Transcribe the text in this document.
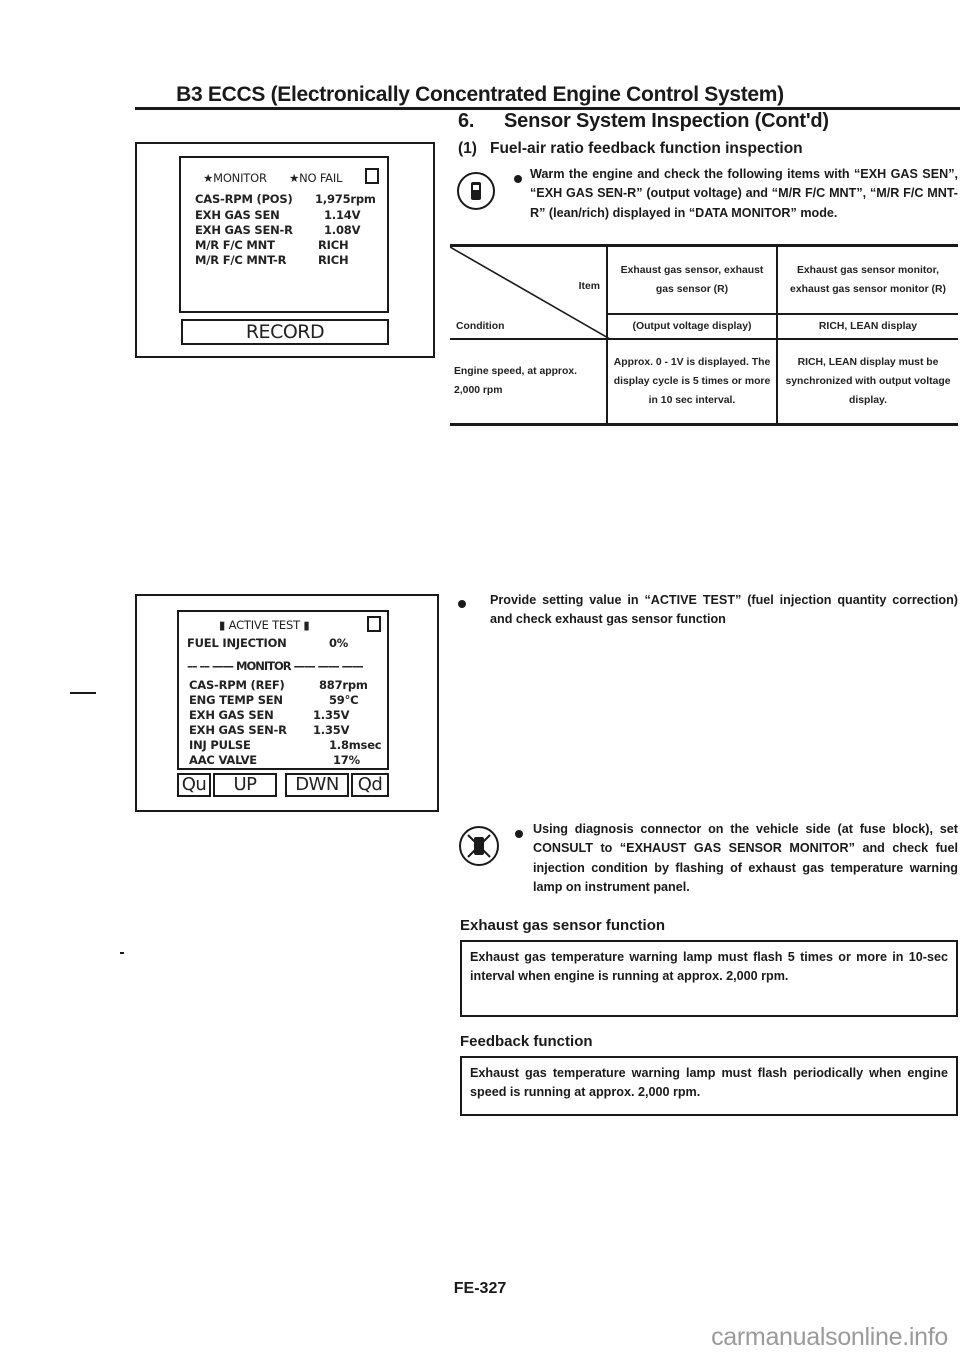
B3 ECCS (Electronically Concentrated Engine Control System)
6. Sensor System Inspection (Cont'd)
(1) Fuel-air ratio feedback function inspection
★MONITOR ★NO FAIL
CAS-RPM (POS) 1,975rpm
EXH GAS SEN	1.14V
EXH GAS SEN-R	1.08V
M/R F/C MNT	RICH
M/R F/C MNT-R	RICH
RECORD
Warm the engine and check the following items with “EXH GAS SEN”, “EXH GAS SEN-R” (output voltage) and “M/R F/C MNT”, “M/R F/C MNT-R” (lean/rich) displayed in “DATA MONITOR” mode.
Item
Condition	Exhaust gas sensor, exhaust gas sensor (R)	Exhaust gas sensor monitor, exhaust gas sensor monitor (R)
	(Output voltage display)	RICH, LEAN display
Engine speed, at approx. 2,000 rpm	Approx. 0 - 1V is displayed. The display cycle is 5 times or more in 10 sec interval.	RICH, LEAN display must be synchronized with output voltage display.
▮ ACTIVE TEST ▮
FUEL INJECTION	0%
–– –– —— MONITOR —— —— ——
CAS-RPM (REF)	887rpm
ENG TEMP SEN	59°C
EXH GAS SEN	1.35V
EXH GAS SEN-R 1.35V
INJ PULSE	1.8msec
AAC VALVE	17%
Qu	UP	DWN	Qd
Provide setting value in “ACTIVE TEST” (fuel injection quantity correction) and check exhaust gas sensor function
Using diagnosis connector on the vehicle side (at fuse block), set CONSULT to “EXHAUST GAS SENSOR MONITOR” and check fuel injection condition by flashing of exhaust gas temperature warning lamp on instrument panel.
Exhaust gas sensor function
Exhaust gas temperature warning lamp must flash 5 times or more in 10-sec interval when engine is running at approx. 2,000 rpm.
Feedback function
Exhaust gas temperature warning lamp must flash periodically when engine speed is running at approx. 2,000 rpm.
FE-327
carmanualsonline.info
